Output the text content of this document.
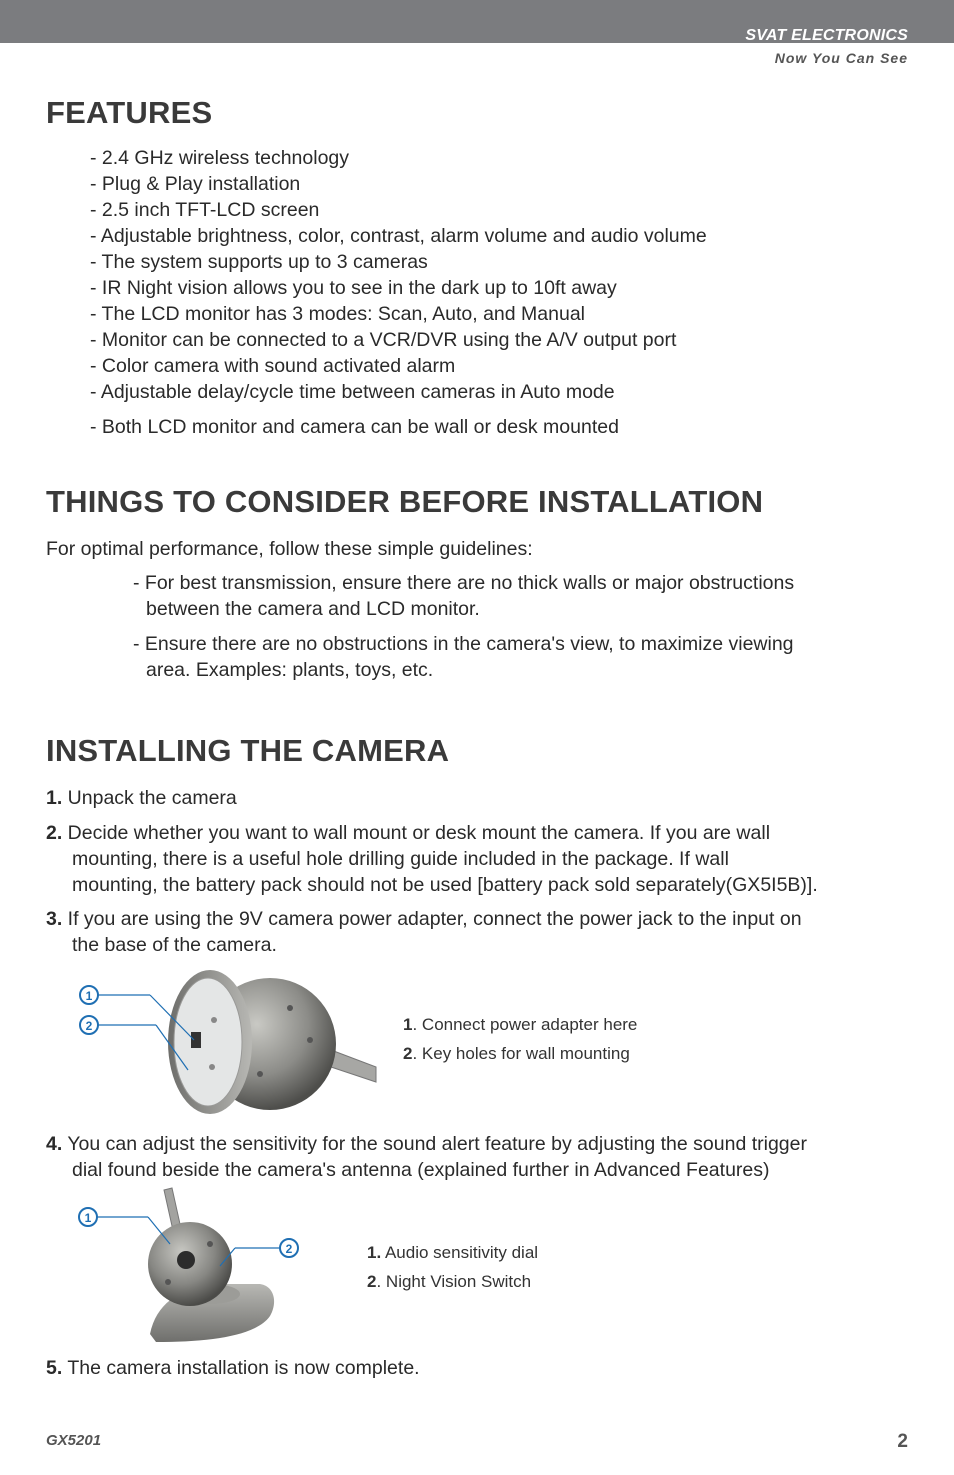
SVAT ELECTRONICS
Now You Can See
FEATURES
- 2.4 GHz wireless technology
- Plug & Play installation
- 2.5 inch TFT-LCD screen
- Adjustable brightness, color, contrast, alarm volume and audio volume
- The system supports up to 3 cameras
- IR Night vision allows you to see in the dark up to 10ft away
- The LCD monitor has 3 modes: Scan, Auto, and Manual
- Monitor can be connected to a VCR/DVR using the A/V output port
- Color camera with sound activated alarm
- Adjustable delay/cycle time between cameras in Auto mode
- Both LCD monitor and camera can be wall or desk mounted
THINGS TO CONSIDER BEFORE INSTALLATION
For optimal performance, follow these simple guidelines:
- For best transmission, ensure there are no thick walls or major obstructions
between the camera and LCD monitor.
- Ensure there are no obstructions in the camera's view, to maximize viewing
area. Examples: plants, toys, etc.
INSTALLING THE CAMERA
1. Unpack the camera
2. Decide whether you want to wall mount or desk mount the camera. If you are wall
mounting, there is a useful hole drilling guide included in the package. If wall
mounting, the battery pack should not be used [battery pack sold separately(GX5I5B)].
3. If you are using the 9V camera power adapter, connect the power jack to the input on
the base of the camera.
1
2	1. Connect power adapter here
2. Key holes for wall mounting
4. You can adjust the sensitivity for the sound alert feature by adjusting the sound trigger
dial found beside the camera's antenna (explained further in Advanced Features)
1
2	1. Audio sensitivity dial
2. Night Vision Switch
5. The camera installation is now complete.
GX5201	2
